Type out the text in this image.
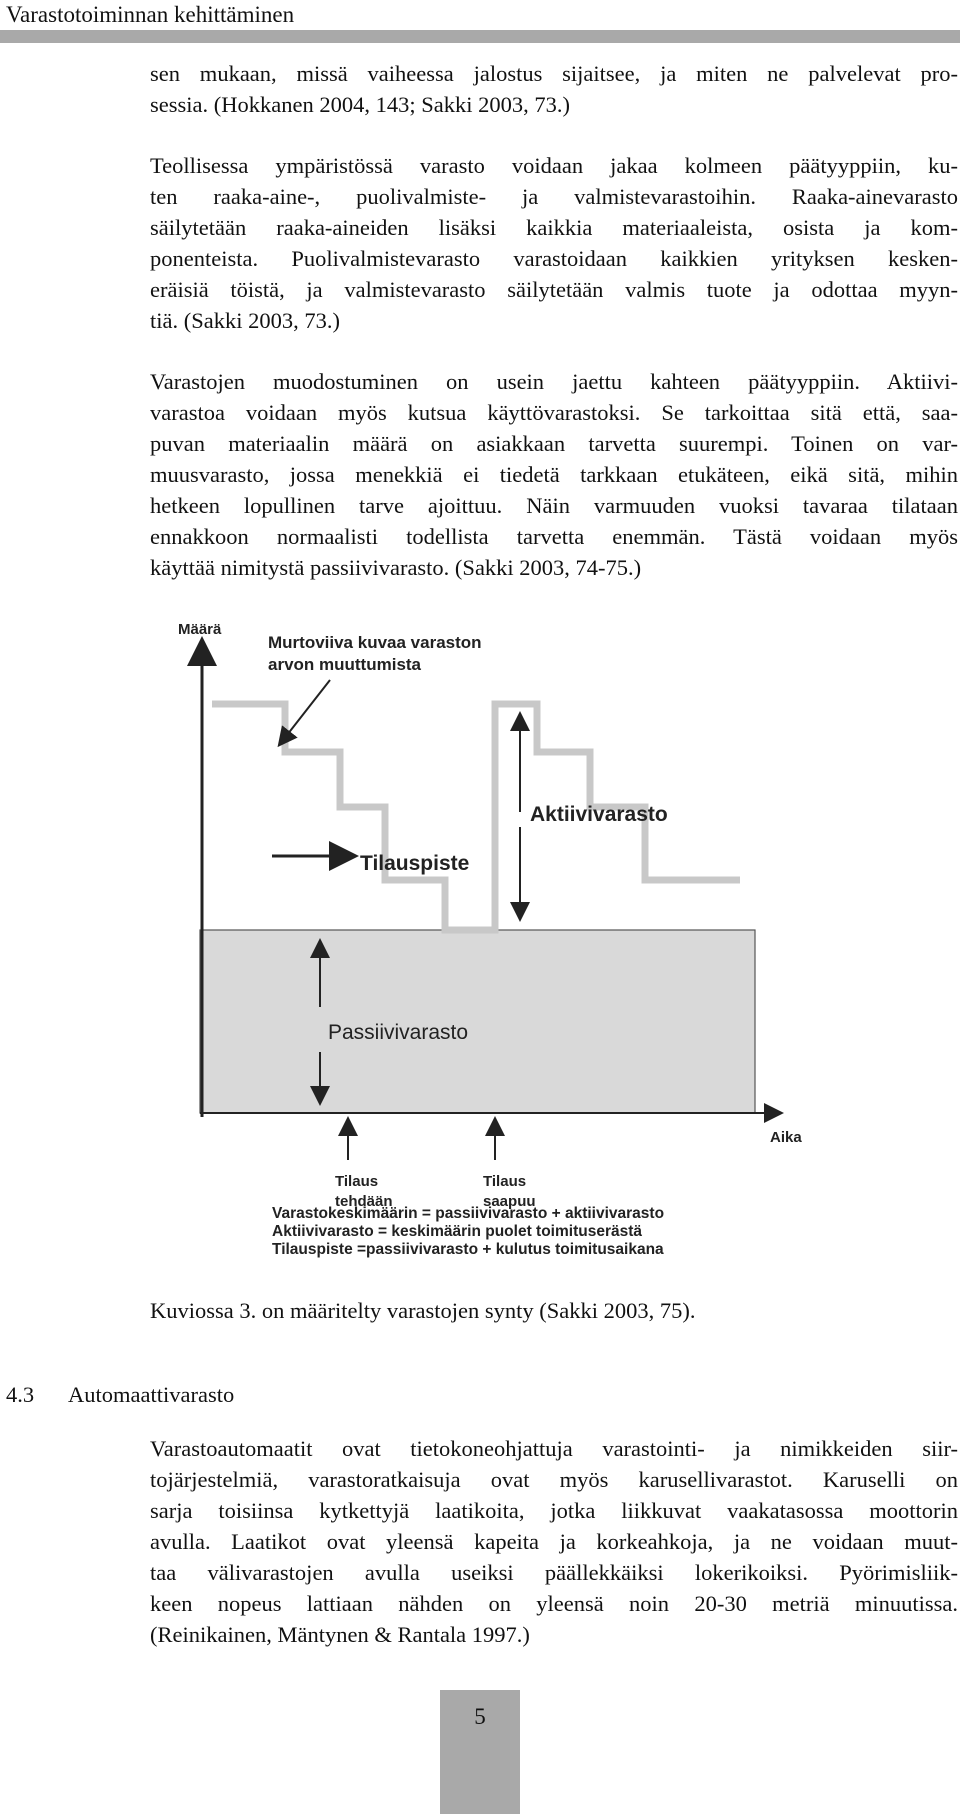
Varastotoiminnan kehittäminen
sen mukaan, missä vaiheessa jalostus sijaitsee, ja miten ne palvelevat pro-
sessia. (Hokkanen 2004, 143; Sakki 2003, 73.)
Teollisessa ympäristössä varasto voidaan jakaa kolmeen päätyyppiin, ku-
ten raaka-aine-, puolivalmiste- ja valmistevarastoihin. Raaka-ainevarasto
säilytetään raaka-aineiden lisäksi kaikkia materiaaleista, osista ja kom-
ponenteista. Puolivalmistevarasto varastoidaan kaikkien yrityksen kesken-
eräisiä töistä, ja valmistevarasto säilytetään valmis tuote ja odottaa myyn-
tiä. (Sakki 2003, 73.)
Varastojen muodostuminen on usein jaettu kahteen päätyyppiin. Aktiivi-
varastoa voidaan myös kutsua käyttövarastoksi. Se tarkoittaa sitä että, saa-
puvan materiaalin määrä on asiakkaan tarvetta suurempi. Toinen on var-
muusvarasto, jossa menekkiä ei tiedetä tarkkaan etukäteen, eikä sitä, mihin
hetkeen lopullinen tarve ajoittuu. Näin varmuuden vuoksi tavaraa tilataan
ennakkoon normaalisti todellista tarvetta enemmän. Tästä voidaan myös
käyttää nimitystä passiivivarasto. (Sakki 2003, 74-75.)
Määrä
Aika
Murtoviiva kuvaa varaston
arvon muuttumista
Aktiivivarasto
Tilauspiste
Passiivivarasto
Tilaus
tehdään
Tilaus
saapuu
Varastokeskimäärin = passiivivarasto + aktiivivarasto
Aktiivivarasto = keskimäärin puolet toimituserästä
Tilauspiste =passiivivarasto + kulutus toimitusaikana
Kuviossa 3. on määritelty varastojen synty (Sakki 2003, 75).
4.3 Automaattivarasto
Varastoautomaatit ovat tietokoneohjattuja varastointi- ja nimikkeiden siir-
tojärjestelmiä, varastoratkaisuja ovat myös karusellivarastot. Karuselli on
sarja toisiinsa kytkettyjä laatikoita, jotka liikkuvat vaakatasossa moottorin
avulla. Laatikot ovat yleensä kapeita ja korkeahkoja, ja ne voidaan muut-
taa välivarastojen avulla useiksi päällekkäiksi lokerikoiksi. Pyörimisliik-
keen nopeus lattiaan nähden on yleensä noin 20-30 metriä minuutissa.
(Reinikainen, Mäntynen & Rantala 1997.)
5
